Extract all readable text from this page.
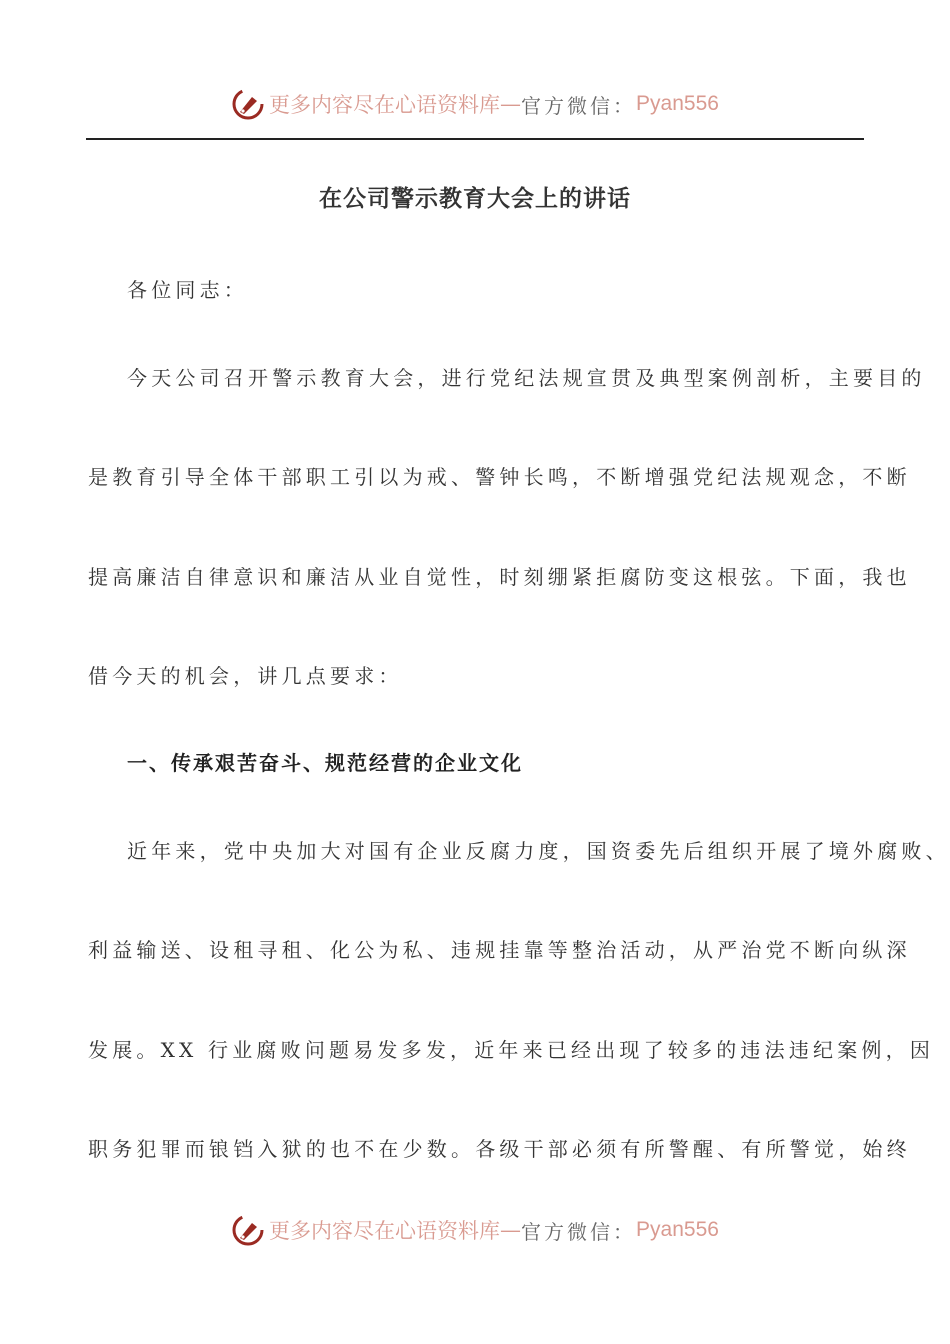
更多内容尽在心语资料库 — 官方微信： Pyan556
在公司警示教育大会上的讲话
各位同志：
今天公司召开警示教育大会，进行党纪法规宣贯及典型案例剖析，主要目的
是教育引导全体干部职工引以为戒、警钟长鸣，不断增强党纪法规观念，不断
提高廉洁自律意识和廉洁从业自觉性，时刻绷紧拒腐防变这根弦。下面，我也
借今天的机会，讲几点要求：
一、传承艰苦奋斗、规范经营的企业文化
近年来，党中央加大对国有企业反腐力度，国资委先后组织开展了境外腐败、
利益输送、设租寻租、化公为私、违规挂靠等整治活动，从严治党不断向纵深
发展。XX 行业腐败问题易发多发，近年来已经出现了较多的违法违纪案例，因
职务犯罪而锒铛入狱的也不在少数。各级干部必须有所警醒、有所警觉，始终
更多内容尽在心语资料库 — 官方微信： Pyan556
